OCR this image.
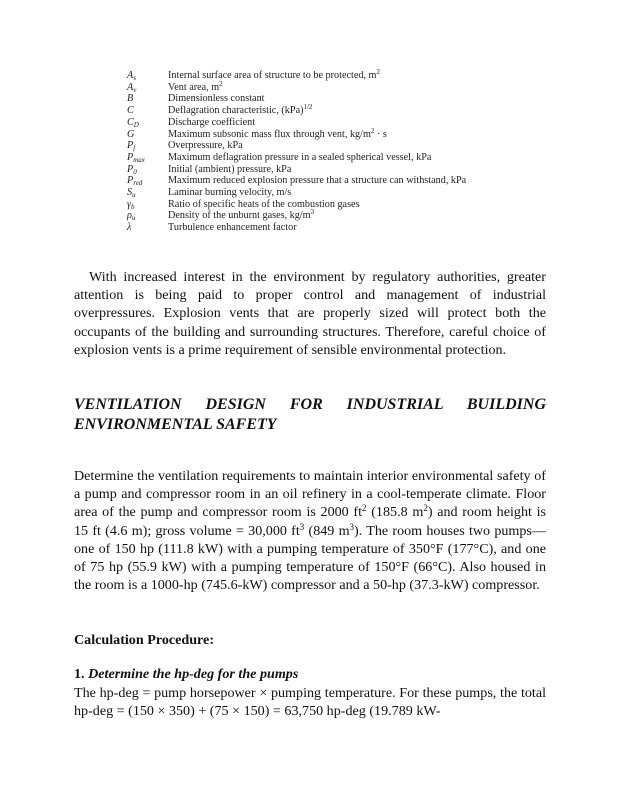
$A_s$	Internal surface area of structure to be protected, $m^2$
$A_v$	Vent area, $m^2$
B	Dimensionless constant
C	Deflagration characteristic, (kPa)$^{1/2}$
$C_D$	Discharge coefficient
G	Maximum subsonic mass flux through vent, $kg/m^2 \cdot s$
$P_f$	Overpressure, kPa
$P_{max}$	Maximum deflagration pressure in a sealed spherical vessel, kPa
$P_0$	Initial (ambient) pressure, kPa
$P_{red}$	Maximum reduced explosion pressure that a structure can withstand, kPa
$S_u$	Laminar burning velocity, m/s
$\gamma_b$	Ratio of specific heats of the combustion gases
$\rho_u$	Density of the unburnt gases, $kg/m^3$
λ	Turbulence enhancement factor
With increased interest in the environment by regulatory authorities, greater attention is being paid to proper control and management of industrial overpressures. Explosion vents that are properly sized will protect both the occupants of the building and surrounding structures. Therefore, careful choice of explosion vents is a prime requirement of sensible environmental protection.
VENTILATION DESIGN FOR INDUSTRIAL BUILDING
ENVIRONMENTAL SAFETY
Determine the ventilation requirements to maintain interior environmental safety of a pump and compressor room in an oil refinery in a cool-temperate climate. Floor area of the pump and compressor room is 2000 $ft^2$ (185.8 $m^2$) and room height is 15 ft (4.6 m); gross volume = 30,000 $ft^3$ (849 $m^3$). The room houses two pumps—one of 150 hp (111.8 kW) with a pumping temperature of 350°F (177°C), and one of 75 hp (55.9 kW) with a pumping temperature of 150°F (66°C). Also housed in the room is a 1000-hp (745.6-kW) compressor and a 50-hp (37.3-kW) compressor.
Calculation Procedure:
1. Determine the hp-deg for the pumps
The hp-deg = pump horsepower × pumping temperature. For these pumps, the total hp-deg = (150 × 350) + (75 × 150) = 63,750 hp-deg (19.789 kW-
